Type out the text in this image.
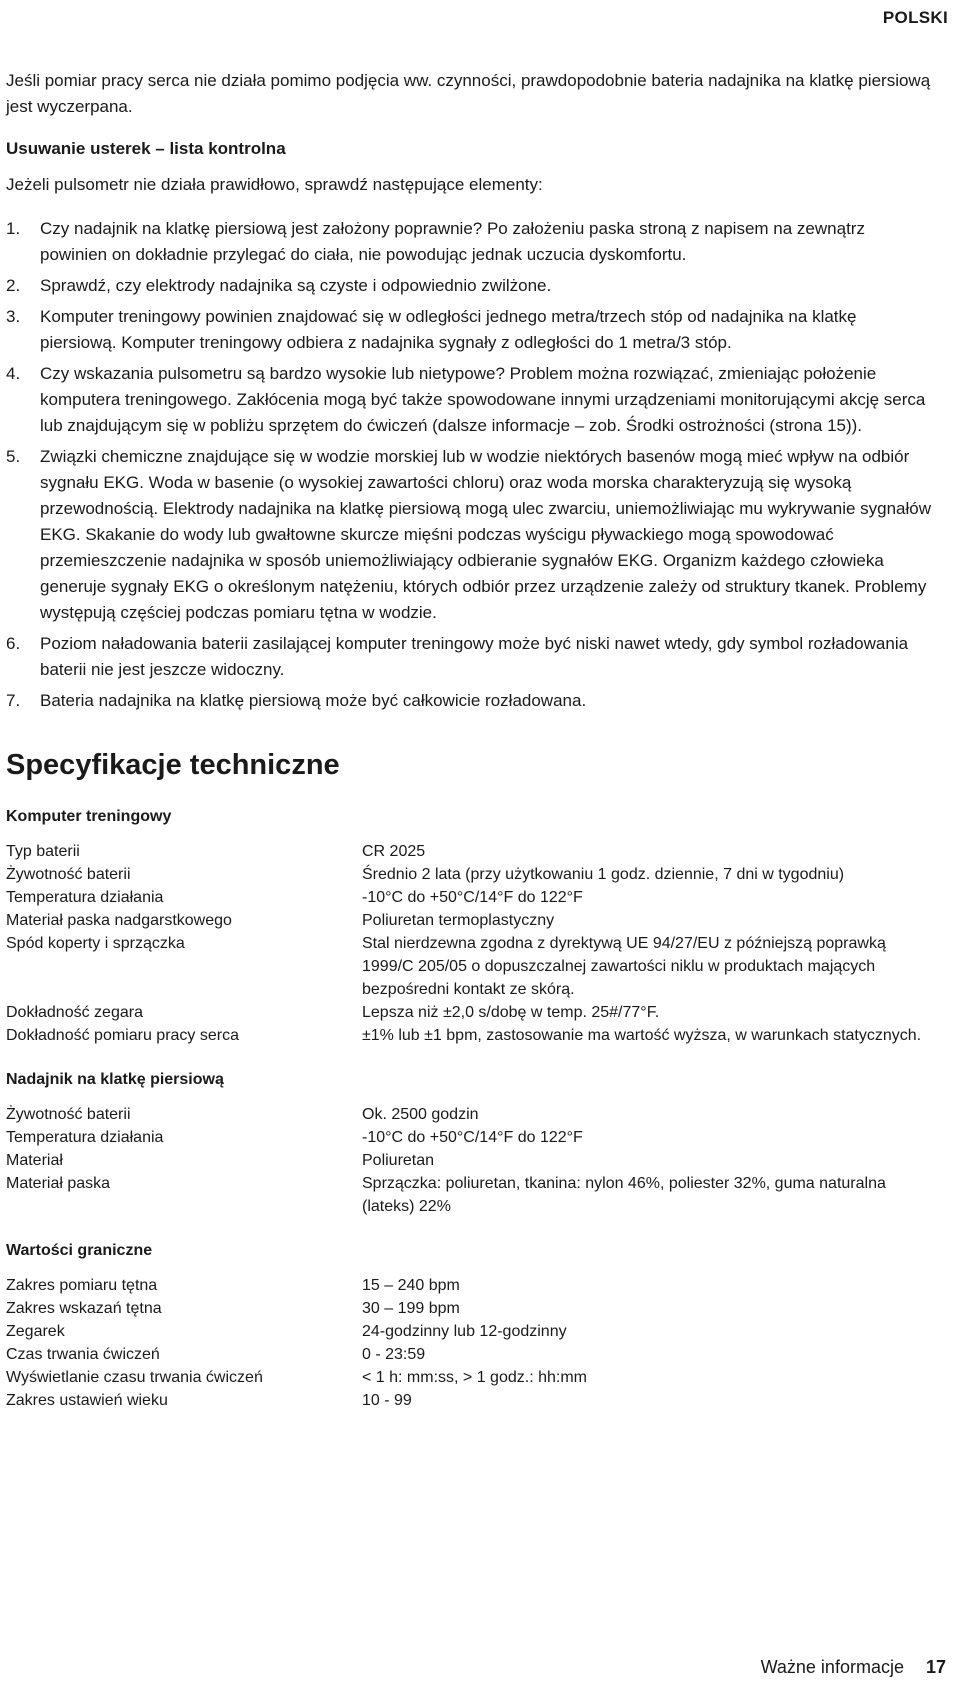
POLSKI

Jeśli pomiar pracy serca nie działa pomimo podjęcia ww. czynności, prawdopodobnie bateria nadajnika na klatkę piersiową jest wyczerpana.

Usuwanie usterek – lista kontrolna

Jeżeli pulsometr nie działa prawidłowo, sprawdź następujące elementy:

1. Czy nadajnik na klatkę piersiową jest założony poprawnie? Po założeniu paska stroną z napisem na zewnątrz powinien on dokładnie przylegać do ciała, nie powodując jednak uczucia dyskomfortu.
2. Sprawdź, czy elektrody nadajnika są czyste i odpowiednio zwilżone.
3. Komputer treningowy powinien znajdować się w odległości jednego metra/trzech stóp od nadajnika na klatkę piersiową. Komputer treningowy odbiera z nadajnika sygnały z odległości do 1 metra/3 stóp.
4. Czy wskazania pulsometru są bardzo wysokie lub nietypowe? Problem można rozwiązać, zmieniając położenie komputera treningowego. Zakłócenia mogą być także spowodowane innymi urządzeniami monitorującymi akcję serca lub znajdującym się w pobliżu sprzętem do ćwiczeń (dalsze informacje – zob. Środki ostrożności (strona 15)).
5. Związki chemiczne znajdujące się w wodzie morskiej lub w wodzie niektórych basenów mogą mieć wpływ na odbiór sygnału EKG. Woda w basenie (o wysokiej zawartości chloru) oraz woda morska charakteryzują się wysoką przewodnością. Elektrody nadajnika na klatkę piersiową mogą ulec zwarciu, uniemożliwiając mu wykrywanie sygnałów EKG. Skakanie do wody lub gwałtowne skurcze mięśni podczas wyścigu pływackiego mogą spowodować przemieszczenie nadajnika w sposób uniemożliwiający odbieranie sygnałów EKG. Organizm każdego człowieka generuje sygnały EKG o określonym natężeniu, których odbiór przez urządzenie zależy od struktury tkanek. Problemy występują częściej podczas pomiaru tętna w wodzie.
6. Poziom naładowania baterii zasilającej komputer treningowy może być niski nawet wtedy, gdy symbol rozładowania baterii nie jest jeszcze widoczny.
7. Bateria nadajnika na klatkę piersiową może być całkowicie rozładowana.
Specyfikacje techniczne
Komputer treningowy
Typ baterii	CR 2025
Żywotność baterii	Średnio 2 lata (przy użytkowaniu 1 godz. dziennie, 7 dni w tygodniu)
Temperatura działania	-10°C do +50°C/14°F do 122°F
Materiał paska nadgarstkowego	Poliuretan termoplastyczny
Spód koperty i sprzączka	Stal nierdzewna zgodna z dyrektywą UE 94/27/EU z późniejszą poprawką 1999/C 205/05 o dopuszczalnej zawartości niklu w produktach mających bezpośredni kontakt ze skórą.
Dokładność zegara	Lepsza niż ±2,0 s/dobę w temp. 25#/77°F.
Dokładność pomiaru pracy serca	±1% lub ±1 bpm, zastosowanie ma wartość wyższa, w warunkach statycznych.
Nadajnik na klatkę piersiową
Żywotność baterii	Ok. 2500 godzin
Temperatura działania	-10°C do +50°C/14°F do 122°F
Materiał	Poliuretan
Materiał paska	Sprzączka: poliuretan, tkanina: nylon 46%, poliester 32%, guma naturalna (lateks) 22%
Wartości graniczne
Zakres pomiaru tętna	15 – 240 bpm
Zakres wskazań tętna	30 – 199 bpm
Zegarek	24-godzinny lub 12-godzinny
Czas trwania ćwiczeń	0 - 23:59
Wyświetlanie czasu trwania ćwiczeń	< 1 h: mm:ss, > 1 godz.: hh:mm
Zakres ustawień wieku	10 - 99
Ważne informacje 17
